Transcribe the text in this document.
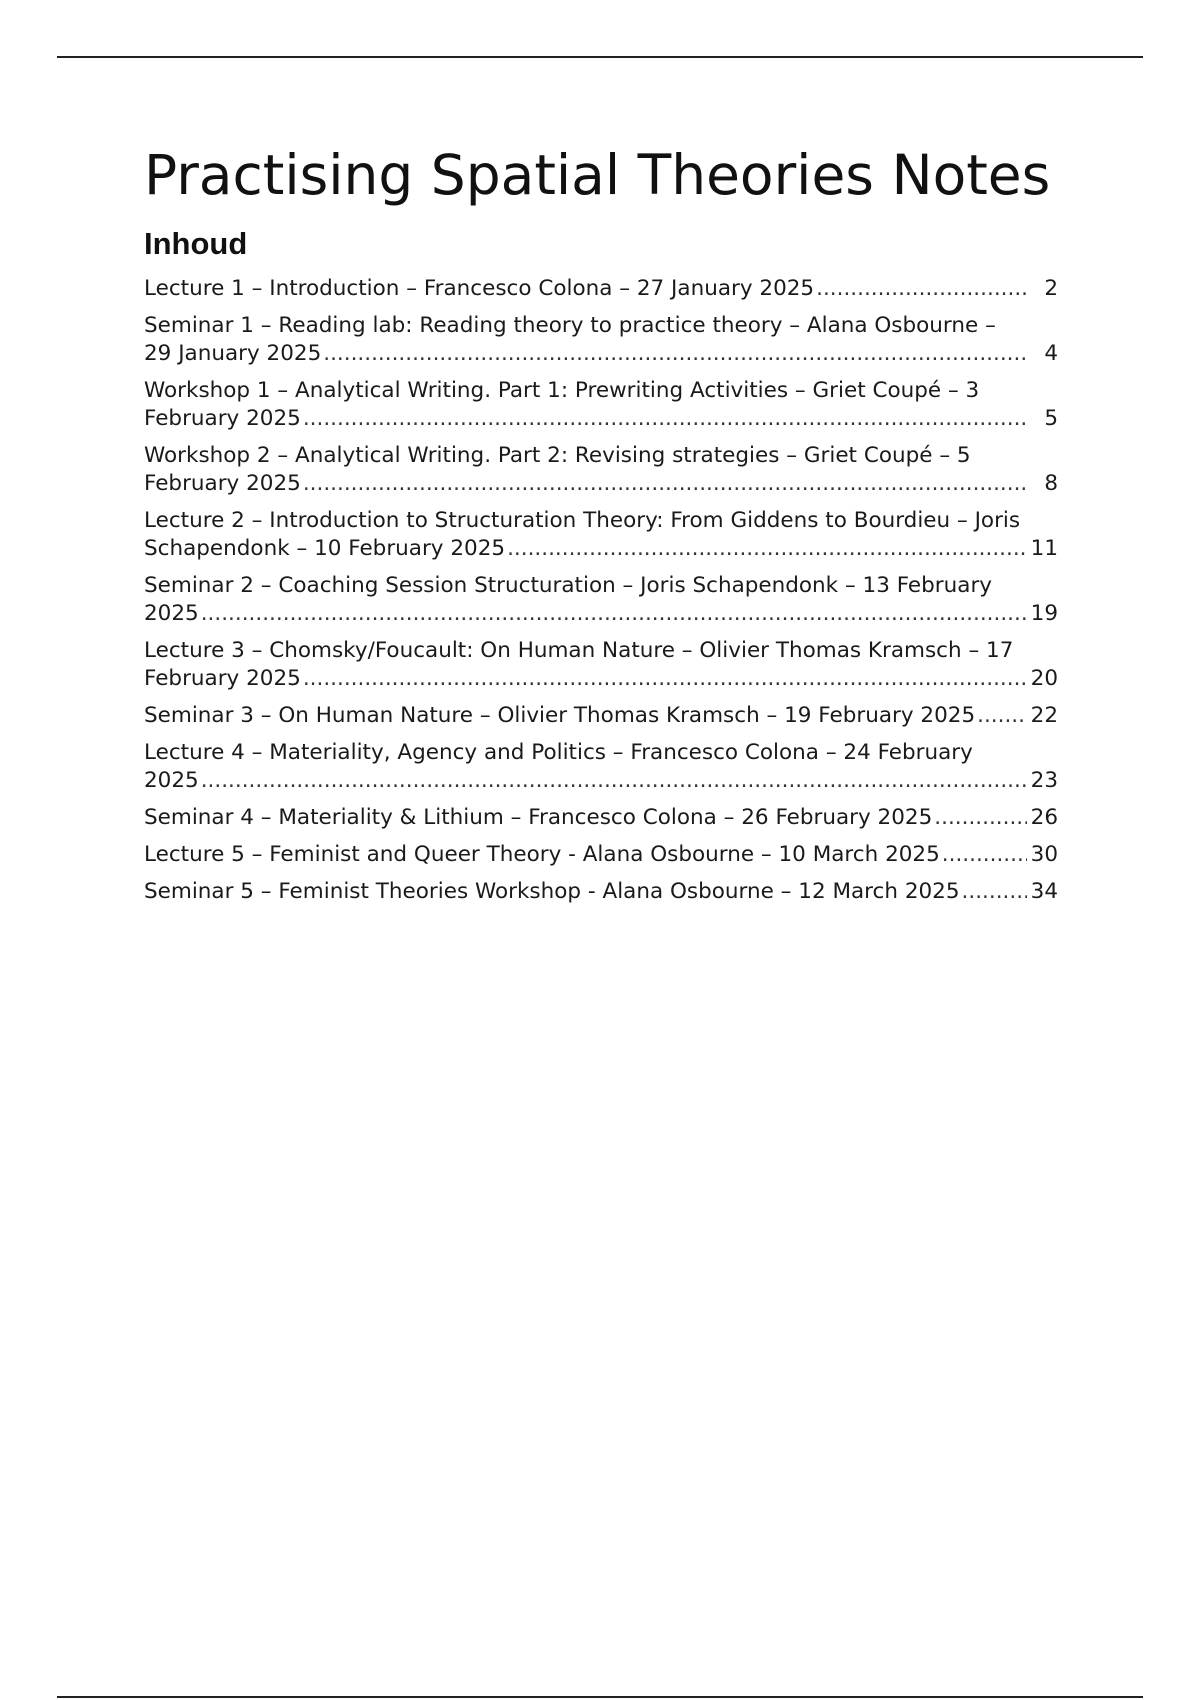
Practising Spatial Theories Notes
Inhoud
Lecture 1 – Introduction – Francesco Colona – 27 January 2025 .....	2
Seminar 1 – Reading lab: Reading theory to practice theory – Alana Osbourne – 29 January 2025 .....	4
Workshop 1 – Analytical Writing. Part 1: Prewriting Activities – Griet Coupé – 3 February 2025 .....	5
Workshop 2 – Analytical Writing. Part 2: Revising strategies – Griet Coupé – 5 February 2025 .....	8
Lecture 2 – Introduction to Structuration Theory: From Giddens to Bourdieu – Joris Schapendonk – 10 February 2025 .....	11
Seminar 2 – Coaching Session Structuration – Joris Schapendonk – 13 February 2025 .....	19
Lecture 3 – Chomsky/Foucault: On Human Nature – Olivier Thomas Kramsch – 17 February 2025 .....	20
Seminar 3 – On Human Nature – Olivier Thomas Kramsch – 19 February 2025 .....	22
Lecture 4 – Materiality, Agency and Politics – Francesco Colona – 24 February 2025 .....	23
Seminar 4 – Materiality & Lithium – Francesco Colona – 26 February 2025 .....	26
Lecture 5 – Feminist and Queer Theory - Alana Osbourne – 10 March 2025 .....	30
Seminar 5 – Feminist Theories Workshop - Alana Osbourne – 12 March 2025 .....	34
